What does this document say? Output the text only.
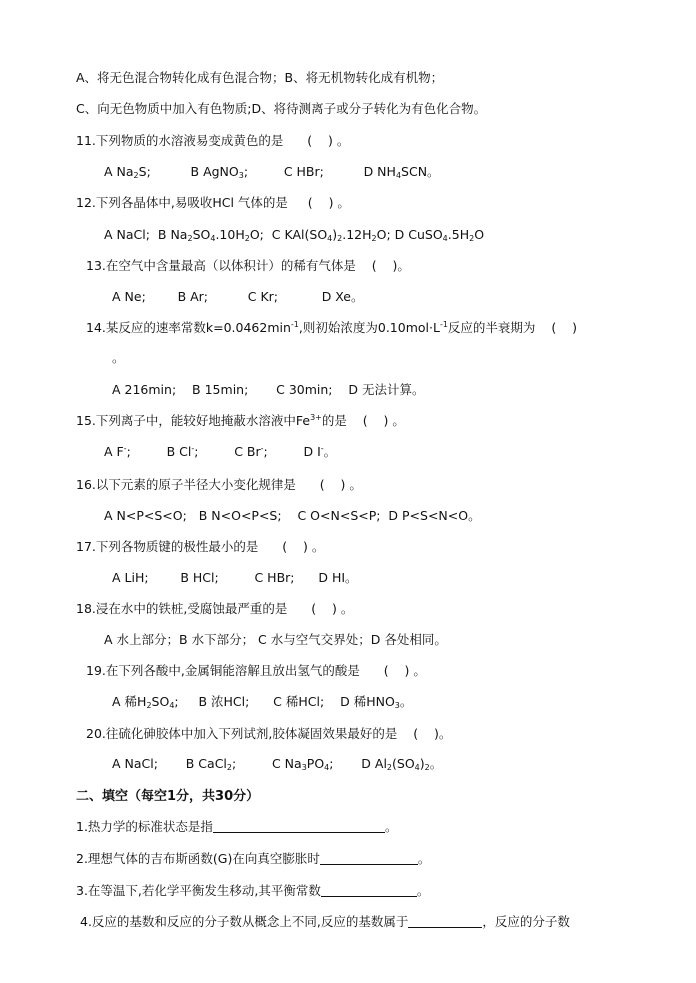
A、将无色混合物转化成有色混合物；B、将无机物转化成有机物；
C、向无色物质中加入有色物质;D、将待测离子或分子转化为有色化合物。
11.下列物质的水溶液易变成黄色的是      (    ) 。
A $Na_2S$;          B AgNO$_3$;         C HBr;          D $NH_4SCN$。
12.下列各晶体中,易吸收HCl 气体的是     (    ) 。
A NaCl;  B $Na_2SO_4.10H_2O$;  C $KAl(SO_4)_2.12H_2O$; D $CuSO_4.5H_2O$
13.在空气中含量最高（以体积计）的稀有气体是    (    )。
A Ne;        B Ar;          C Kr;           D Xe。
14.某反应的速率常数$k=0.0462\min^{-1}$,则初始浓度为$0.10mol\cdot L^{-1}$反应的半衰期为    (    )
。
A 216min;    B 15min;       C 30min;    D 无法计算。
15.下列离子中，能较好地掩蔽水溶液中$Fe^{3+}$的是    (    ) 。
A F-;         B Cl-;         C Br-;         D I-。
16.以下元素的原子半径大小变化规律是      (    ) 。
A N<P<S<O;   B N<O<P<S;    C O<N<S<P;  D P<S<N<O。
17.下列各物质键的极性最小的是      (    ) 。
A LiH;        B HCl;         C HBr;      D HI。
18.浸在水中的铁桩,受腐蚀最严重的是      (    ) 。
A 水上部分；B 水下部分； C 水与空气交界处；D 各处相同。
19.在下列各酸中,金属铜能溶解且放出氢气的酸是      (    ) 。
A 稀$H_2SO_4$;     B 浓HCl;      C 稀HCl;    D 稀$HNO_3$。
20.往硫化砷胶体中加入下列试剂,胶体凝固效果最好的是    (    )。
A NaCl;       B CaCl$_2$;         C $Na_3PO_4$;       D $Al_2(SO_4)_2$。
二、填空（每空1分，共30分）
1.热力学的标准状态是指	。
2.理想气体的吉布斯函数(G)在向真空膨胀时	。
3.在等温下,若化学平衡发生移动,其平衡常数	。
4.反应的基数和反应的分子数从概念上不同,反应的基数属于	，反应的分子数
